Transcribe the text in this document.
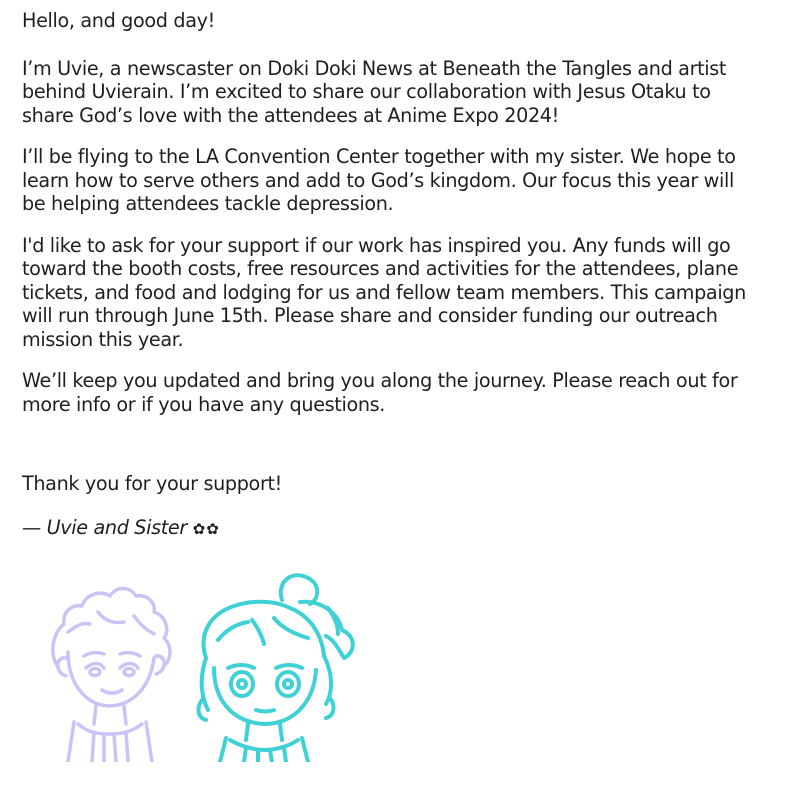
Hello, and good day!

I’m Uvie, a newscaster on Doki Doki News at Beneath the Tangles and artist behind Uvierain. I’m excited to share our collaboration with Jesus Otaku to share God’s love with the attendees at Anime Expo 2024!

I’ll be flying to the LA Convention Center together with my sister. We hope to learn how to serve others and add to God’s kingdom. Our focus this year will be helping attendees tackle depression.

I'd like to ask for your support if our work has inspired you. Any funds will go toward the booth costs, free resources and activities for the attendees, plane tickets, and food and lodging for us and fellow team members. This campaign will run through June 15th. Please share and consider funding our outreach mission this year.

We’ll keep you updated and bring you along the journey. Please reach out for more info or if you have any questions.

Thank you for your support!

— Uvie and Sister ✿✿
